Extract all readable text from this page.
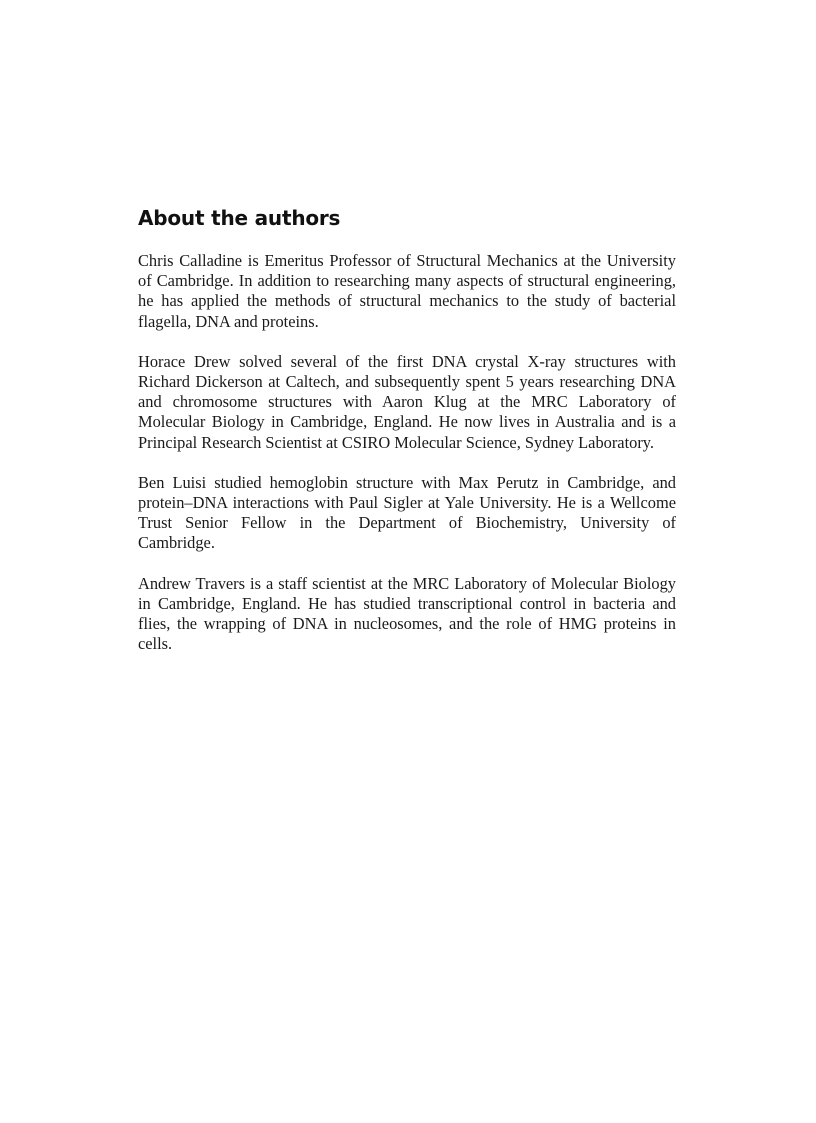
About the authors

Chris Calladine is Emeritus Professor of Structural Mechanics at the University of Cambridge. In addition to researching many aspects of structural engineering, he has applied the methods of structural mechanics to the study of bacterial flagella, DNA and proteins.

Horace Drew solved several of the first DNA crystal X-ray structures with Richard Dickerson at Caltech, and subsequently spent 5 years researching DNA and chromosome structures with Aaron Klug at the MRC Laboratory of Molecular Biology in Cambridge, England. He now lives in Australia and is a Principal Research Scientist at CSIRO Molecular Science, Sydney Laboratory.

Ben Luisi studied hemoglobin structure with Max Perutz in Cambridge, and protein–DNA interactions with Paul Sigler at Yale University. He is a Wellcome Trust Senior Fellow in the Department of Biochemistry, University of Cambridge.

Andrew Travers is a staff scientist at the MRC Laboratory of Molecular Biology in Cambridge, England. He has studied transcriptional control in bacteria and flies, the wrapping of DNA in nucleosomes, and the role of HMG proteins in cells.
